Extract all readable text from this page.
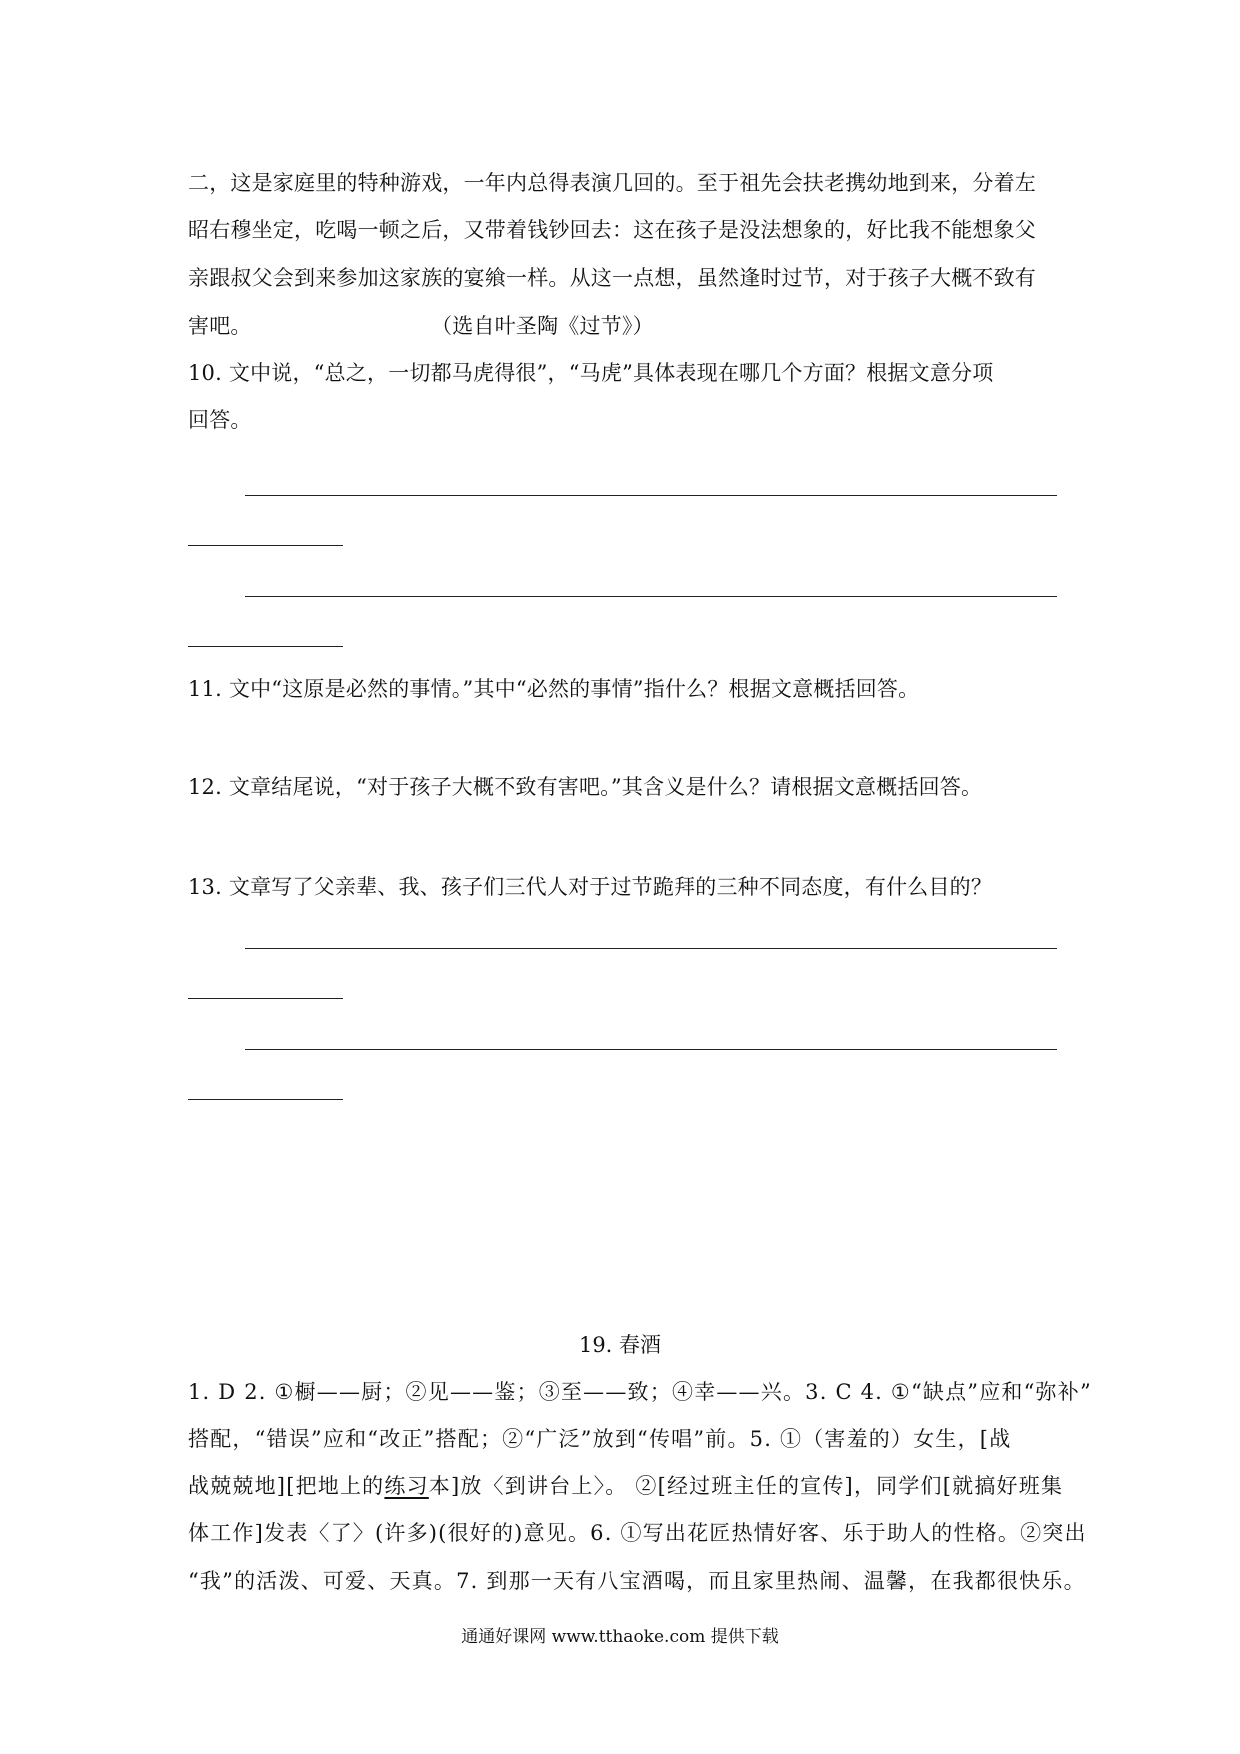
二，这是家庭里的特种游戏，一年内总得表演几回的。至于祖先会扶老携幼地到来，分着左
昭右穆坐定，吃喝一顿之后，又带着钱钞回去：这在孩子是没法想象的，好比我不能想象父
亲跟叔父会到来参加这家族的宴飨一样。从这一点想，虽然逢时过节，对于孩子大概不致有
害吧。	（选自叶圣陶《过节》）
10. 文中说，“总之，一切都马虎得很”，“马虎”具体表现在哪几个方面？根据文意分项
回答。
11. 文中“这原是必然的事情。”其中“必然的事情”指什么？根据文意概括回答。
12. 文章结尾说，“对于孩子大概不致有害吧。”其含义是什么？请根据文意概括回答。
13. 文章写了父亲辈、我、孩子们三代人对于过节跪拜的三种不同态度，有什么目的？
19. 春酒
1. D 2. ①橱——厨；②见——鉴；③至——致；④幸——兴。3. C 4. ①“缺点”应和“弥补”
搭配，“错误”应和“改正”搭配；②“广泛”放到“传唱”前。5. ①（害羞的）女生，[战
战兢兢地][把地上的练习本]放〈到讲台上〉。 ②[经过班主任的宣传]，同学们[就搞好班集
体工作]发表〈了〉(许多)(很好的)意见。6. ①写出花匠热情好客、乐于助人的性格。②突出
“我”的活泼、可爱、天真。7. 到那一天有八宝酒喝，而且家里热闹、温馨，在我都很快乐。
通通好课网 www.tthaoke.com 提供下载
